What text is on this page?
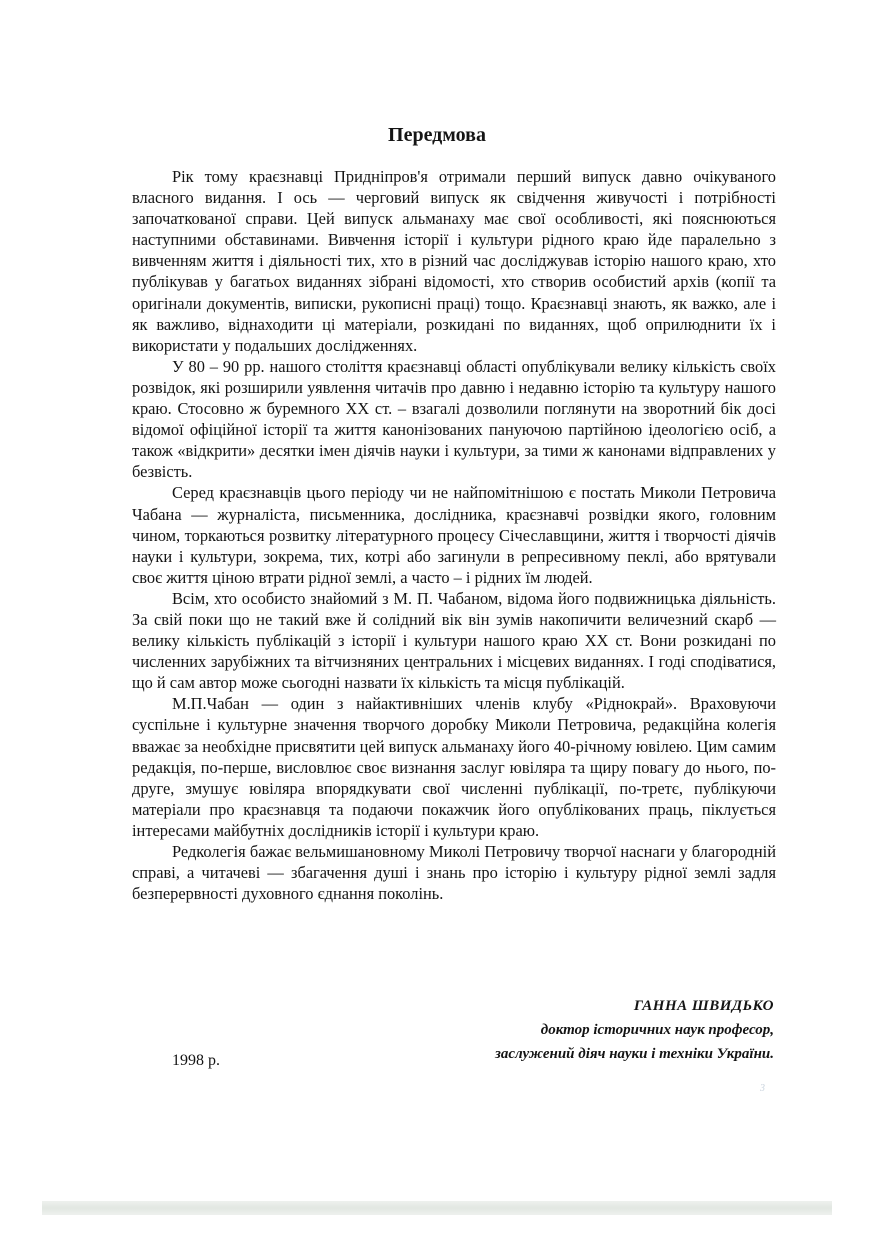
Передмова

Рік тому краєзнавці Придніпров'я отримали перший випуск давно очікуваного власного видання. І ось — черговий випуск як свідчення живучості і потрібності започаткованої справи. Цей випуск альманаху має свої особливості, які пояснюються наступними обставинами. Вивчення історії і культури рідного краю йде паралельно з вивченням життя і діяльності тих, хто в різний час досліджував історію нашого краю, хто публікував у багатьох виданнях зібрані відомості, хто створив особистий архів (копії та оригінали документів, виписки, рукописні праці) тощо. Краєзнавці знають, як важко, але і як важливо, віднаходити ці матеріали, розкидані по виданнях, щоб оприлюднити їх і використати у подальших дослідженнях.

У 80 – 90 рр. нашого століття краєзнавці області опублікували велику кількість своїх розвідок, які розширили уявлення читачів про давню і недавню історію та культуру нашого краю. Стосовно ж буремного XX ст. – взагалі дозволили поглянути на зворотний бік досі відомої офіційної історії та життя канонізованих пануючою партійною ідеологією осіб, а також «відкрити» десятки імен діячів науки і культури, за тими ж канонами відправлених у безвість.

Серед краєзнавців цього періоду чи не найпомітнішою є постать Миколи Петровича Чабана — журналіста, письменника, дослідника, краєзнавчі розвідки якого, головним чином, торкаються розвитку літературного процесу Січеславщини, життя і творчості діячів науки і культури, зокрема, тих, котрі або загинули в репресивному пеклі, або врятували своє життя ціною втрати рідної землі, а часто – і рідних їм людей.

Всім, хто особисто знайомий з М. П. Чабаном, відома його подвижницька діяльність. За свій поки що не такий вже й солідний вік він зумів накопичити величезний скарб — велику кількість публікацій з історії і культури нашого краю XX ст. Вони розкидані по численних зарубіжних та вітчизняних центральних і місцевих виданнях. І годі сподіватися, що й сам автор може сьогодні назвати їх кількість та місця публікацій.

М.П.Чабан — один з найактивніших членів клубу «Ріднокрай». Враховуючи суспільне і культурне значення творчого доробку Миколи Петровича, редакційна колегія вважає за необхідне присвятити цей випуск альманаху його 40-річному ювілею. Цим самим редакція, по-перше, висловлює своє визнання заслуг ювіляра та щиру повагу до нього, по-друге, змушує ювіляра впорядкувати свої численні публікації, по-третє, публікуючи матеріали про краєзнавця та подаючи покажчик його опублікованих праць, піклується інтересами майбутніх дослідників історії і культури краю.

Редколегія бажає вельмишановному Миколі Петровичу творчої наснаги у благородній справі, а читачеві — збагачення душі і знань про історію і культуру рідної землі задля безперервності духовного єднання поколінь.

ГАННА ШВИДЬКО
доктор історичних наук професор,
заслужений діяч науки і техніки України.
1998 р.
3
